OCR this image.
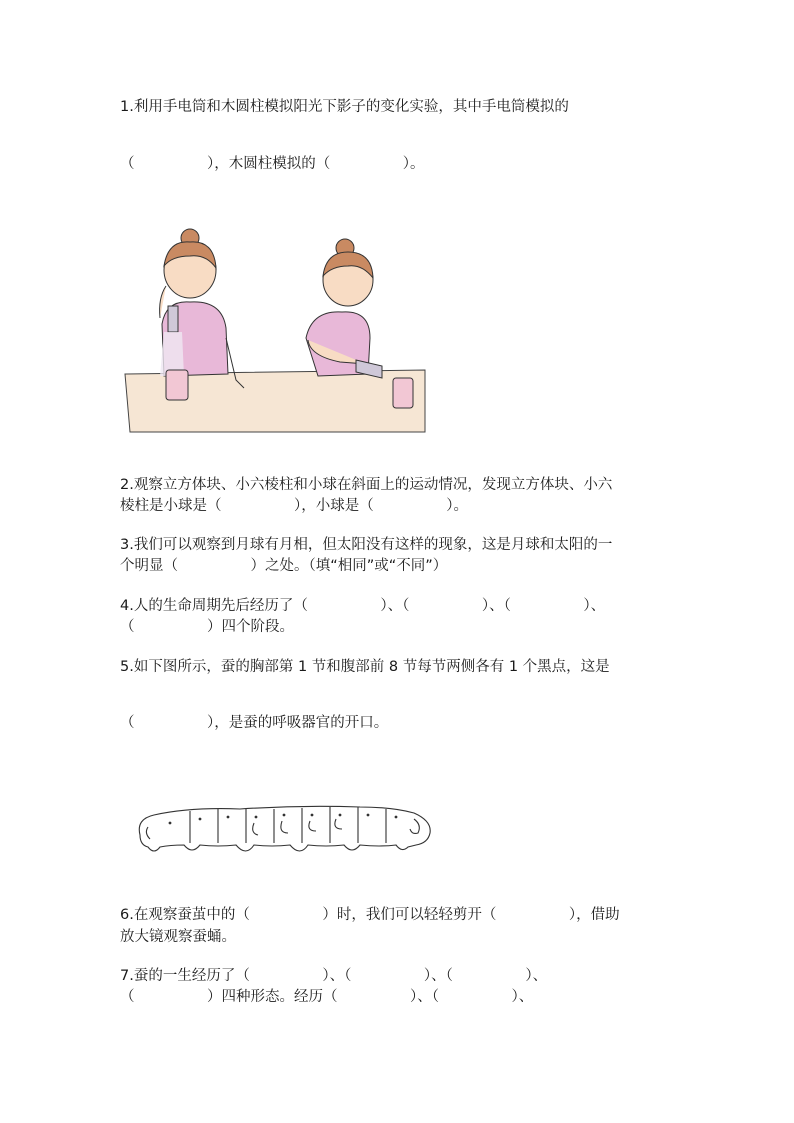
1.利用手电筒和木圆柱模拟阳光下影子的变化实验，其中手电筒模拟的
（　　　　　），木圆柱模拟的（　　　　　）。
2.观察立方体块、小六棱柱和小球在斜面上的运动情况，发现立方体块、小六
棱柱是小球是（　　　　　），小球是（　　　　　）。
3.我们可以观察到月球有月相，但太阳没有这样的现象，这是月球和太阳的一
个明显（　　　　　）之处。（填“相同”或“不同”）
4.人的生命周期先后经历了（　　　　　）、（　　　　　）、（　　　　　）、
（　　　　　）四个阶段。
5.如下图所示，蚕的胸部第 1 节和腹部前 8 节每节两侧各有 1 个黑点，这是
（　　　　　），是蚕的呼吸器官的开口。
6.在观察蚕茧中的（　　　　　）时，我们可以轻轻剪开（　　　　　），借助
放大镜观察蚕蛹。
7.蚕的一生经历了（　　　　　）、（　　　　　）、（　　　　　）、
（　　　　　）四种形态。经历（　　　　　）、（　　　　　）、
